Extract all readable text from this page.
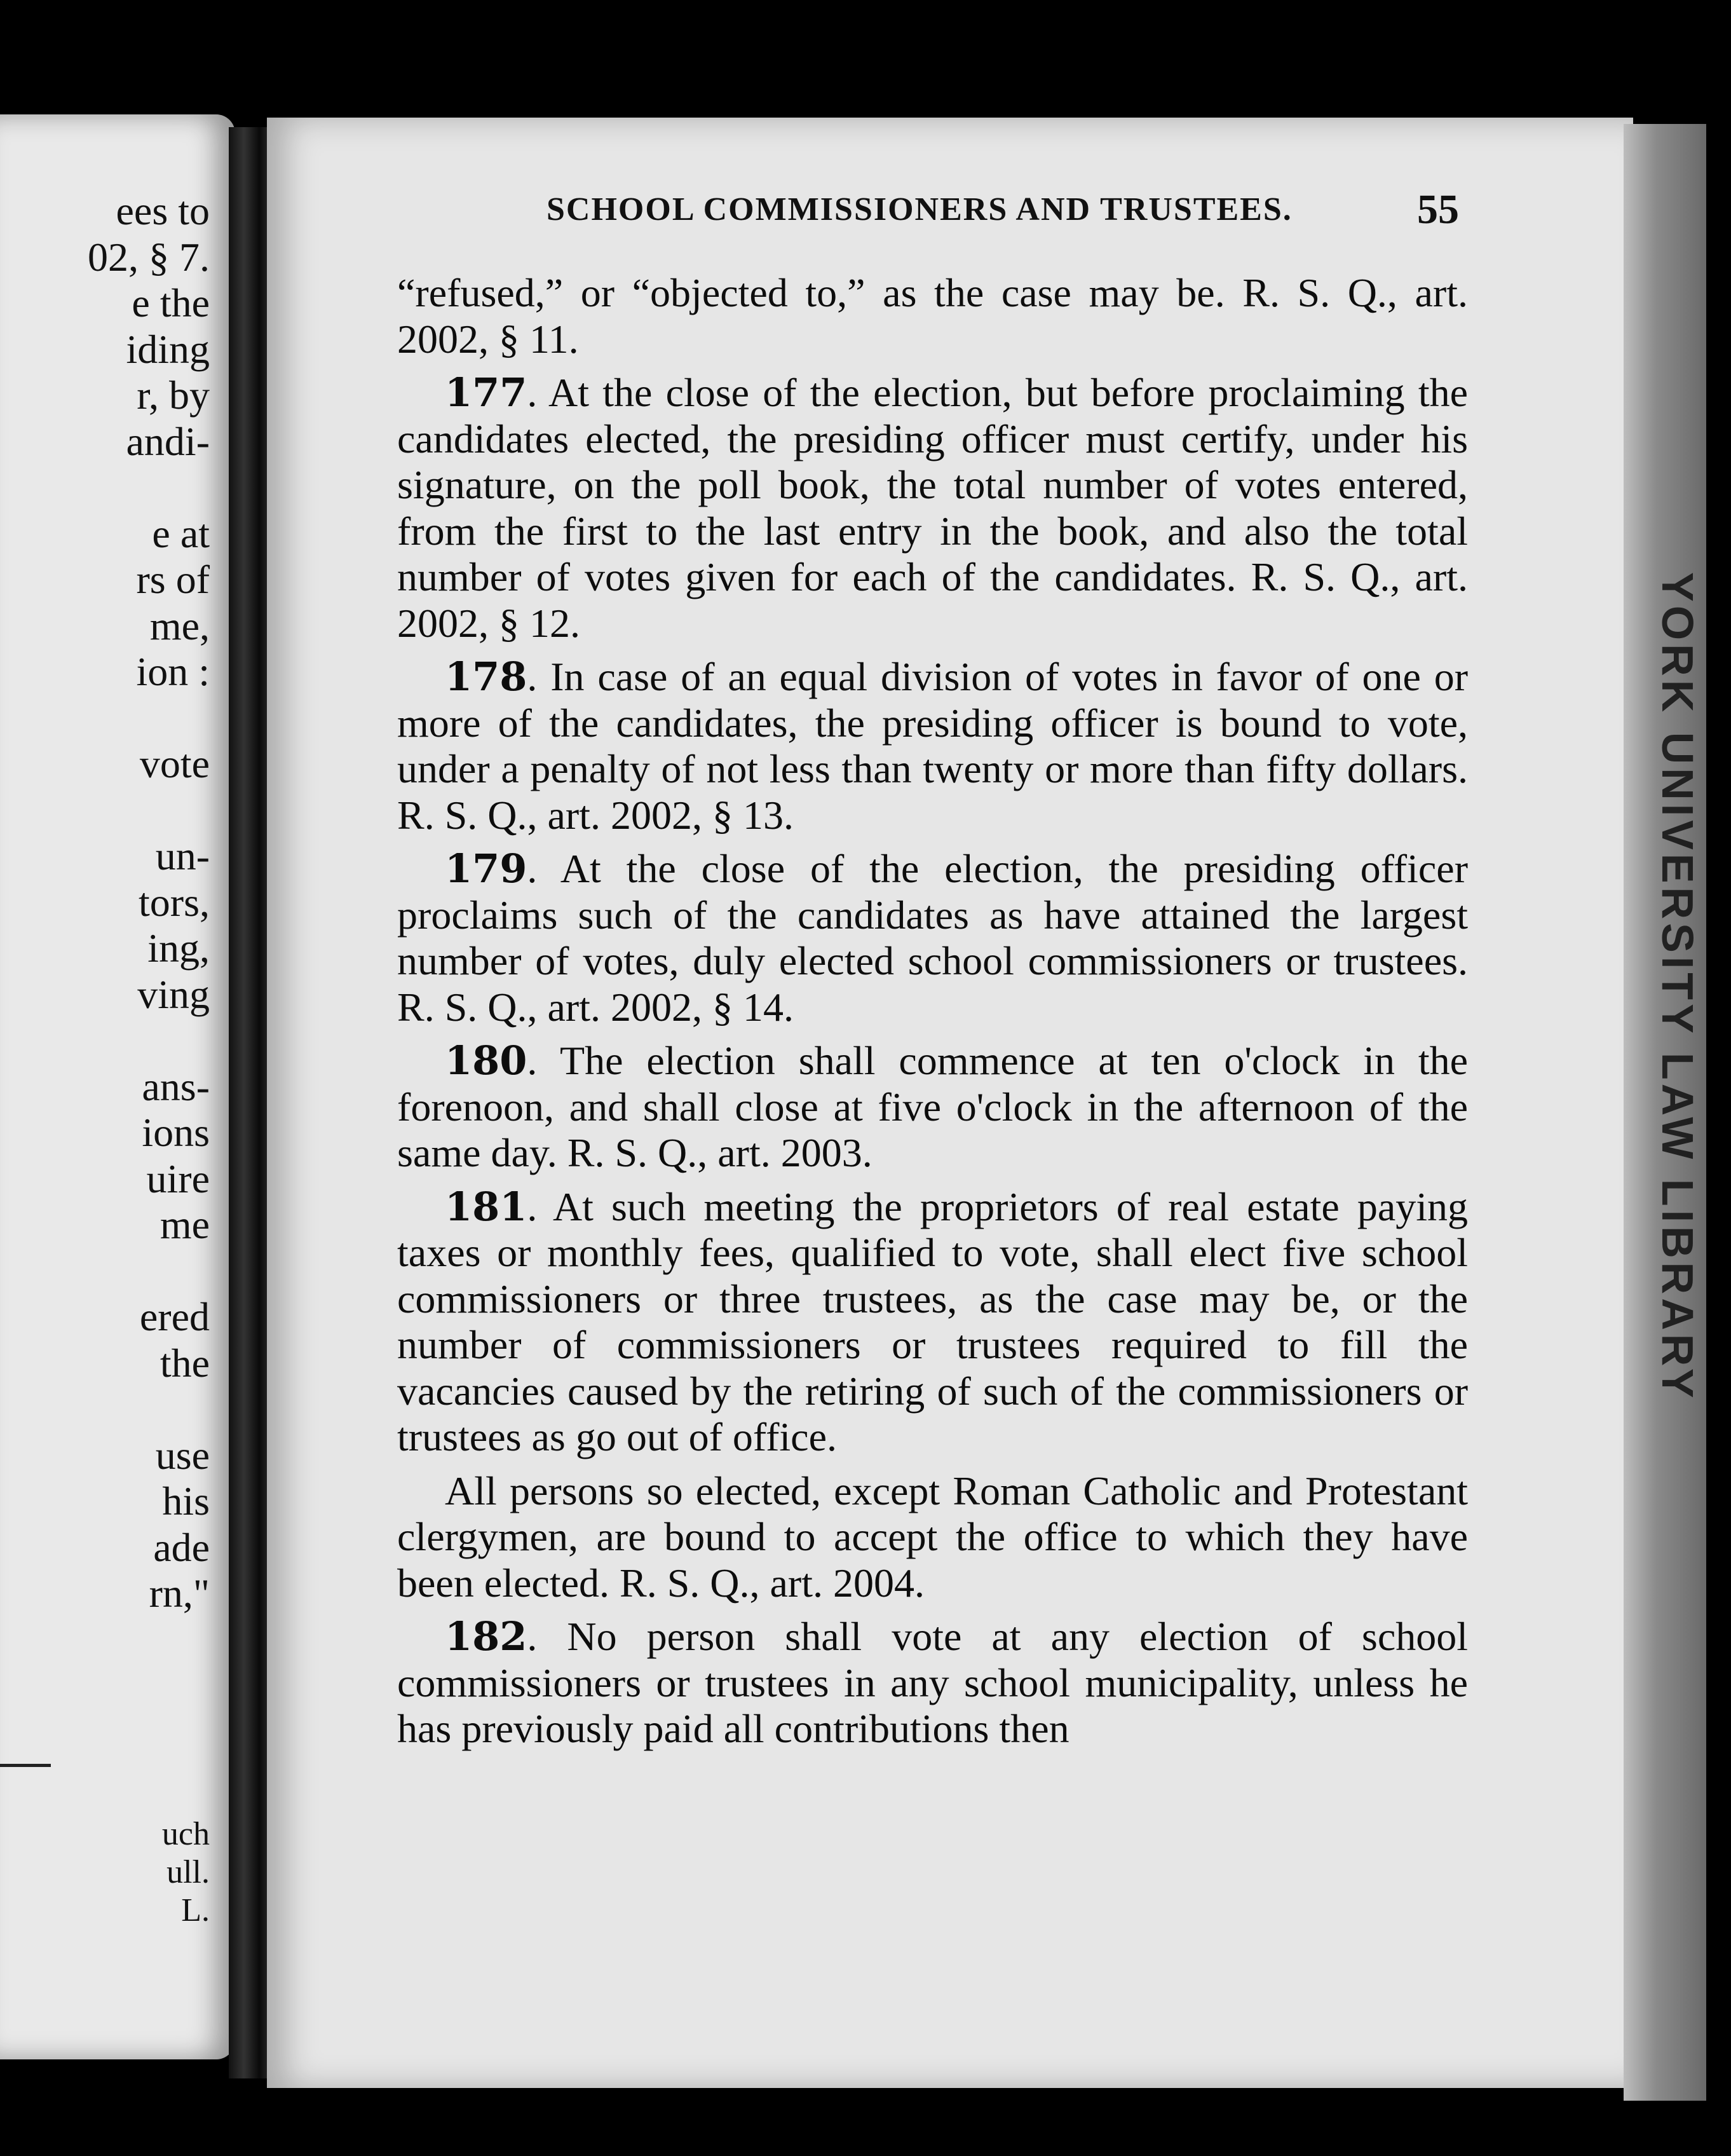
ees to
02, § 7.
e the
iding
r, by
andi-
e at
rs of
me,
ion :
vote
un-
tors,
ing,
ving
ans-
ions
uire
me
ered
the
use
his
ade
rn,"
uch
ull.
L.
YORK UNIVERSITY LAW LIBRARY
SCHOOL COMMISSIONERS AND TRUSTEES.	55

“refused,” or “objected to,” as the case may be. R. S. Q., art. 2002, § 11.

177. At the close of the election, but before proclaiming the candidates elected, the presiding officer must certify, under his signature, on the poll book, the total number of votes entered, from the first to the last entry in the book, and also the total number of votes given for each of the candidates. R. S. Q., art. 2002, § 12.

178. In case of an equal division of votes in favor of one or more of the candidates, the presiding officer is bound to vote, under a penalty of not less than twenty or more than fifty dollars. R. S. Q., art. 2002, § 13.

179. At the close of the election, the presiding officer proclaims such of the candidates as have attained the largest number of votes, duly elected school commissioners or trustees. R. S. Q., art. 2002, § 14.

180. The election shall commence at ten o'clock in the forenoon, and shall close at five o'clock in the afternoon of the same day. R. S. Q., art. 2003.

181. At such meeting the proprietors of real estate paying taxes or monthly fees, qualified to vote, shall elect five school commissioners or three trustees, as the case may be, or the number of commissioners or trustees required to fill the vacancies caused by the retiring of such of the commissioners or trustees as go out of office.

All persons so elected, except Roman Catholic and Protestant clergymen, are bound to accept the office to which they have been elected. R. S. Q., art. 2004.

182. No person shall vote at any election of school commissioners or trustees in any school municipality, unless he has previously paid all contributions then
